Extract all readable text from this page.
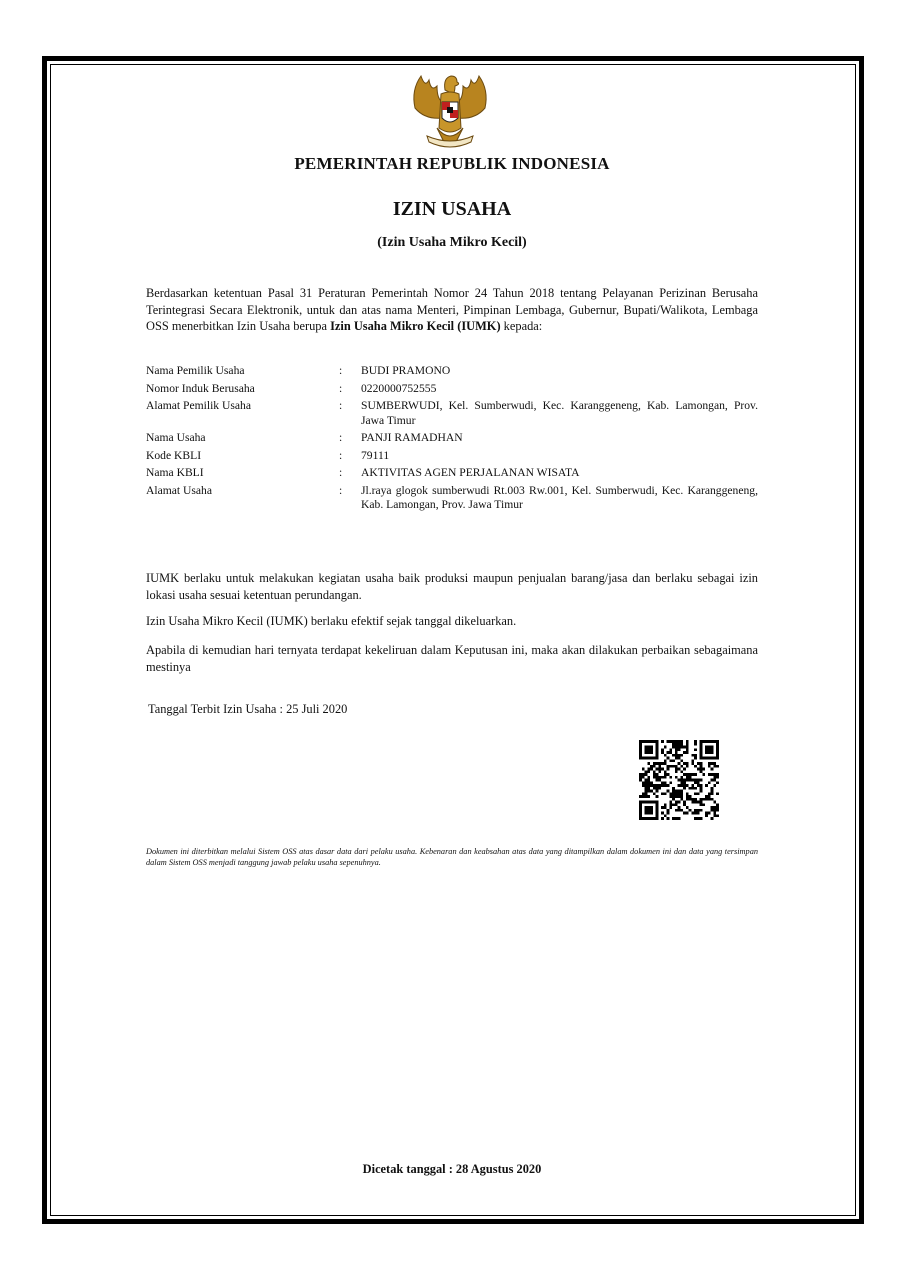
PEMERINTAH REPUBLIK INDONESIA
IZIN USAHA
(Izin Usaha Mikro Kecil)

Berdasarkan ketentuan Pasal 31 Peraturan Pemerintah Nomor 24 Tahun 2018 tentang Pelayanan Perizinan Berusaha Terintegrasi Secara Elektronik, untuk dan atas nama Menteri, Pimpinan Lembaga, Gubernur, Bupati/Walikota, Lembaga OSS menerbitkan Izin Usaha berupa Izin Usaha Mikro Kecil (IUMK) kepada:

Nama Pemilik Usaha	:	BUDI PRAMONO
Nomor Induk Berusaha	:	0220000752555
Alamat Pemilik Usaha	:	SUMBERWUDI, Kel. Sumberwudi, Kec. Karanggeneng, Kab. Lamongan, Prov. Jawa Timur
Nama Usaha	:	PANJI RAMADHAN
Kode KBLI	:	79111
Nama KBLI	:	AKTIVITAS AGEN PERJALANAN WISATA
Alamat Usaha	:	Jl.raya glogok sumberwudi Rt.003 Rw.001, Kel. Sumberwudi, Kec. Karanggeneng, Kab. Lamongan, Prov. Jawa Timur

IUMK berlaku untuk melakukan kegiatan usaha baik produksi maupun penjualan barang/jasa dan berlaku sebagai izin lokasi usaha sesuai ketentuan perundangan.

Izin Usaha Mikro Kecil (IUMK) berlaku efektif sejak tanggal dikeluarkan.

Apabila di kemudian hari ternyata terdapat kekeliruan dalam Keputusan ini, maka akan dilakukan perbaikan sebagaimana mestinya

Tanggal Terbit Izin Usaha : 25 Juli 2020

Dokumen ini diterbitkan melalui Sistem OSS atas dasar data dari pelaku usaha. Kebenaran dan keabsahan atas data yang ditampilkan dalam dokumen ini dan data yang tersimpan dalam Sistem OSS menjadi tanggung jawab pelaku usaha sepenuhnya.

Dicetak tanggal : 28 Agustus 2020
